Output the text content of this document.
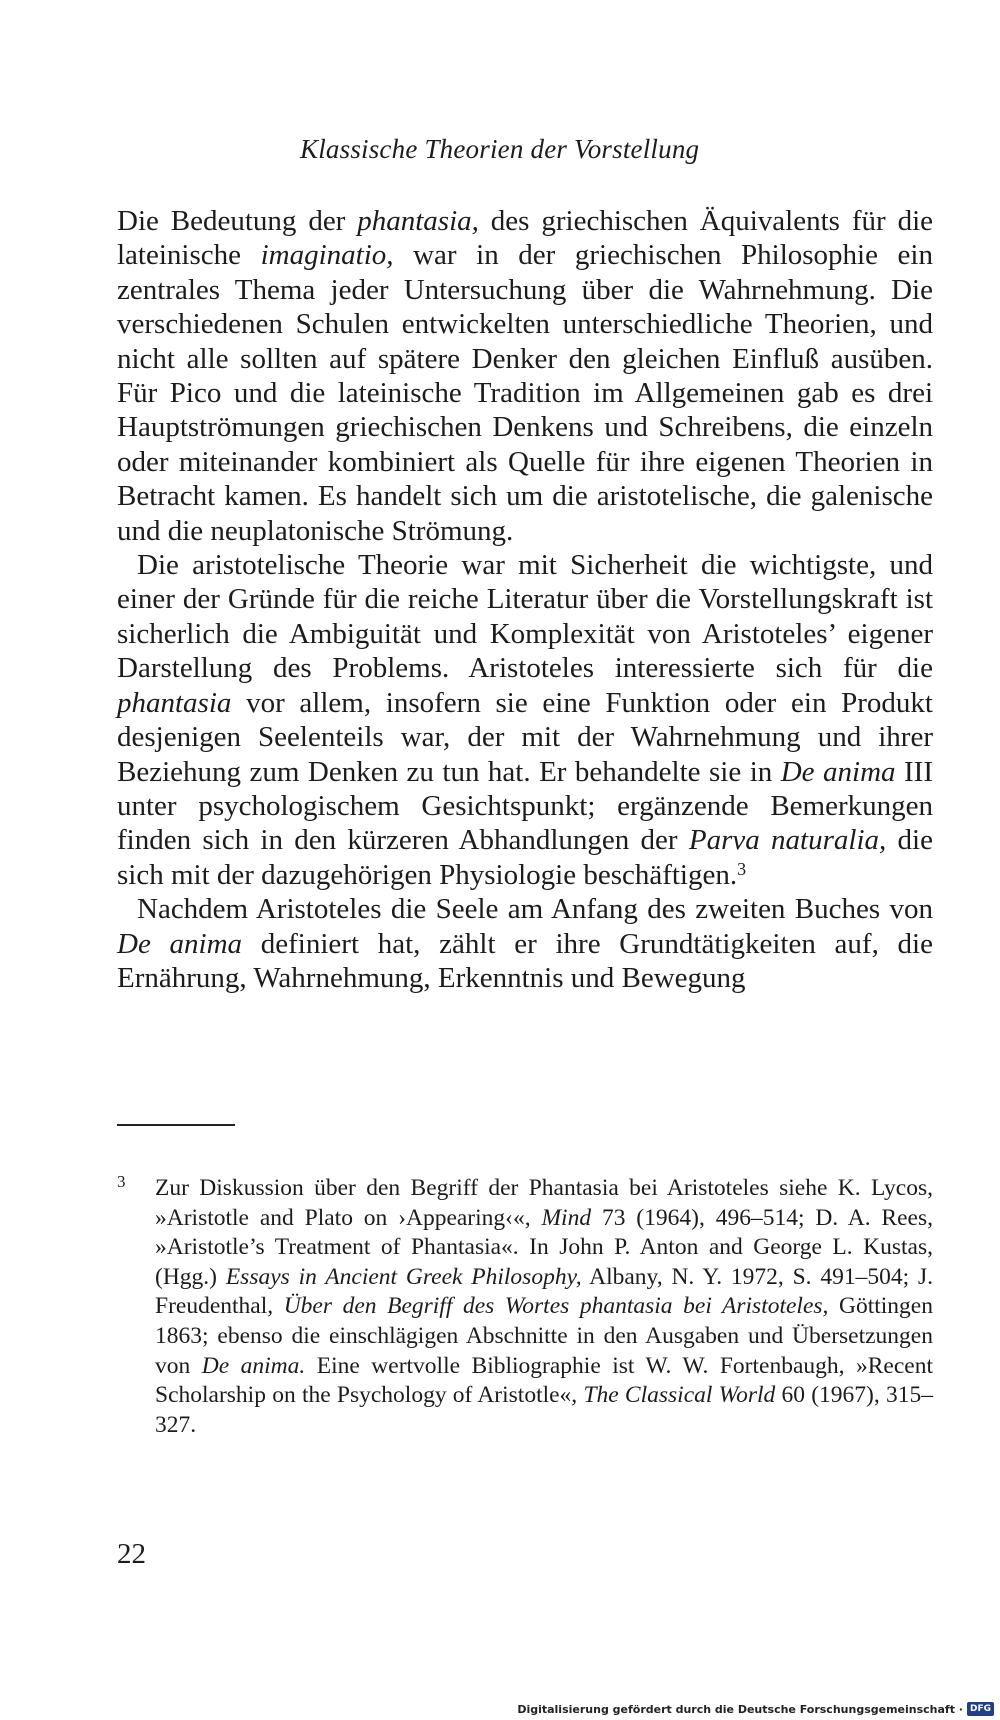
Klassische Theorien der Vorstellung

Die Bedeutung der phantasia, des griechischen Äquivalents für die lateinische imaginatio, war in der griechischen Philosophie ein zentrales Thema jeder Untersuchung über die Wahrnehmung. Die verschiedenen Schulen entwickelten unterschiedliche Theorien, und nicht alle sollten auf spätere Denker den gleichen Einfluß ausüben. Für Pico und die lateinische Tradition im Allgemeinen gab es drei Hauptströmungen griechischen Denkens und Schreibens, die einzeln oder miteinander kombiniert als Quelle für ihre eigenen Theorien in Betracht kamen. Es handelt sich um die aristotelische, die galenische und die neuplatonische Strömung.

Die aristotelische Theorie war mit Sicherheit die wichtigste, und einer der Gründe für die reiche Literatur über die Vorstellungskraft ist sicherlich die Ambiguität und Komplexität von Aristoteles’ eigener Darstellung des Problems. Aristoteles interessierte sich für die phantasia vor allem, insofern sie eine Funktion oder ein Produkt desjenigen Seelenteils war, der mit der Wahrnehmung und ihrer Beziehung zum Denken zu tun hat. Er behandelte sie in De anima III unter psychologischem Gesichtspunkt; ergänzende Bemerkungen finden sich in den kürzeren Abhandlungen der Parva naturalia, die sich mit der dazugehörigen Physiologie beschäftigen.$^3$

Nachdem Aristoteles die Seele am Anfang des zweiten Buches von De anima definiert hat, zählt er ihre Grundtätigkeiten auf, die Ernährung, Wahrnehmung, Erkenntnis und Bewegung

3 Zur Diskussion über den Begriff der Phantasia bei Aristoteles siehe K. Lycos, »Aristotle and Plato on ›Appearing‹«, Mind 73 (1964), 496–514; D. A. Rees, »Aristotle’s Treatment of Phantasia«. In John P. Anton and George L. Kustas, (Hgg.) Essays in Ancient Greek Philosophy, Albany, N. Y. 1972, S. 491–504; J. Freudenthal, Über den Begriff des Wortes phantasia bei Aristoteles, Göttingen 1863; ebenso die einschlägigen Abschnitte in den Ausgaben und Übersetzungen von De anima. Eine wertvolle Bibliographie ist W. W. Fortenbaugh, »Recent Scholarship on the Psychology of Aristotle«, The Classical World 60 (1967), 315–327.
22
Digitalisierung gefördert durch die Deutsche Forschungsgemeinschaft · DFG
